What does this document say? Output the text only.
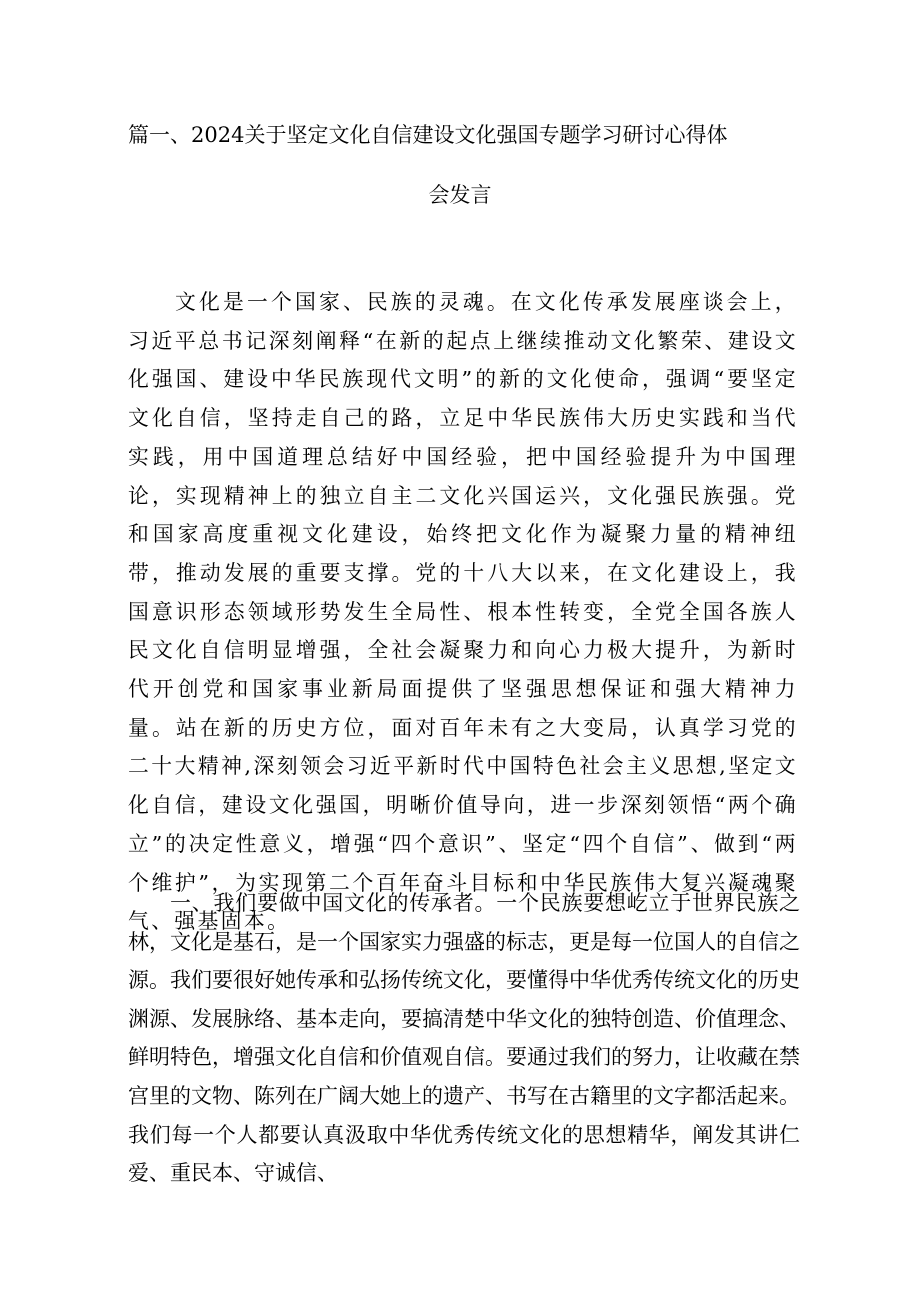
篇一、2024关于坚定文化自信建设文化强国专题学习研讨心得体
会发言

文化是一个国家、民族的灵魂。在文化传承发展座谈会上，习近平总书记深刻阐释“在新的起点上继续推动文化繁荣、建设文化强国、建设中华民族现代文明”的新的文化使命，强调“要坚定文化自信，坚持走自己的路，立足中华民族伟大历史实践和当代实践，用中国道理总结好中国经验，把中国经验提升为中国理论，实现精神上的独立自主二文化兴国运兴，文化强民族强。党和国家高度重视文化建设，始终把文化作为凝聚力量的精神纽带，推动发展的重要支撑。党的十八大以来，在文化建设上，我国意识形态领域形势发生全局性、根本性转变，全党全国各族人民文化自信明显增强，全社会凝聚力和向心力极大提升，为新时代开创党和国家事业新局面提供了坚强思想保证和强大精神力量。站在新的历史方位，面对百年未有之大变局，认真学习党的二十大精神,深刻领会习近平新时代中国特色社会主义思想,坚定文化自信，建设文化强国，明晰价值导向，进一步深刻领悟“两个确立”的决定性意义，增强“四个意识”、坚定“四个自信”、做到“两个维护”，为实现第二个百年奋斗目标和中华民族伟大复兴凝魂聚气、强基固本。

一、我们要做中国文化的传承者。一个民族要想屹立于世界民族之林，文化是基石，是一个国家实力强盛的标志，更是每一位国人的自信之源。我们要很好她传承和弘扬传统文化，要懂得中华优秀传统文化的历史渊源、发展脉络、基本走向，要搞清楚中华文化的独特创造、价值理念、鲜明特色，增强文化自信和价值观自信。要通过我们的努力，让收藏在禁宫里的文物、陈列在广阔大她上的遗产、书写在古籍里的文字都活起来。我们每一个人都要认真汲取中华优秀传统文化的思想精华，阐发其讲仁爱、重民本、守诚信、
